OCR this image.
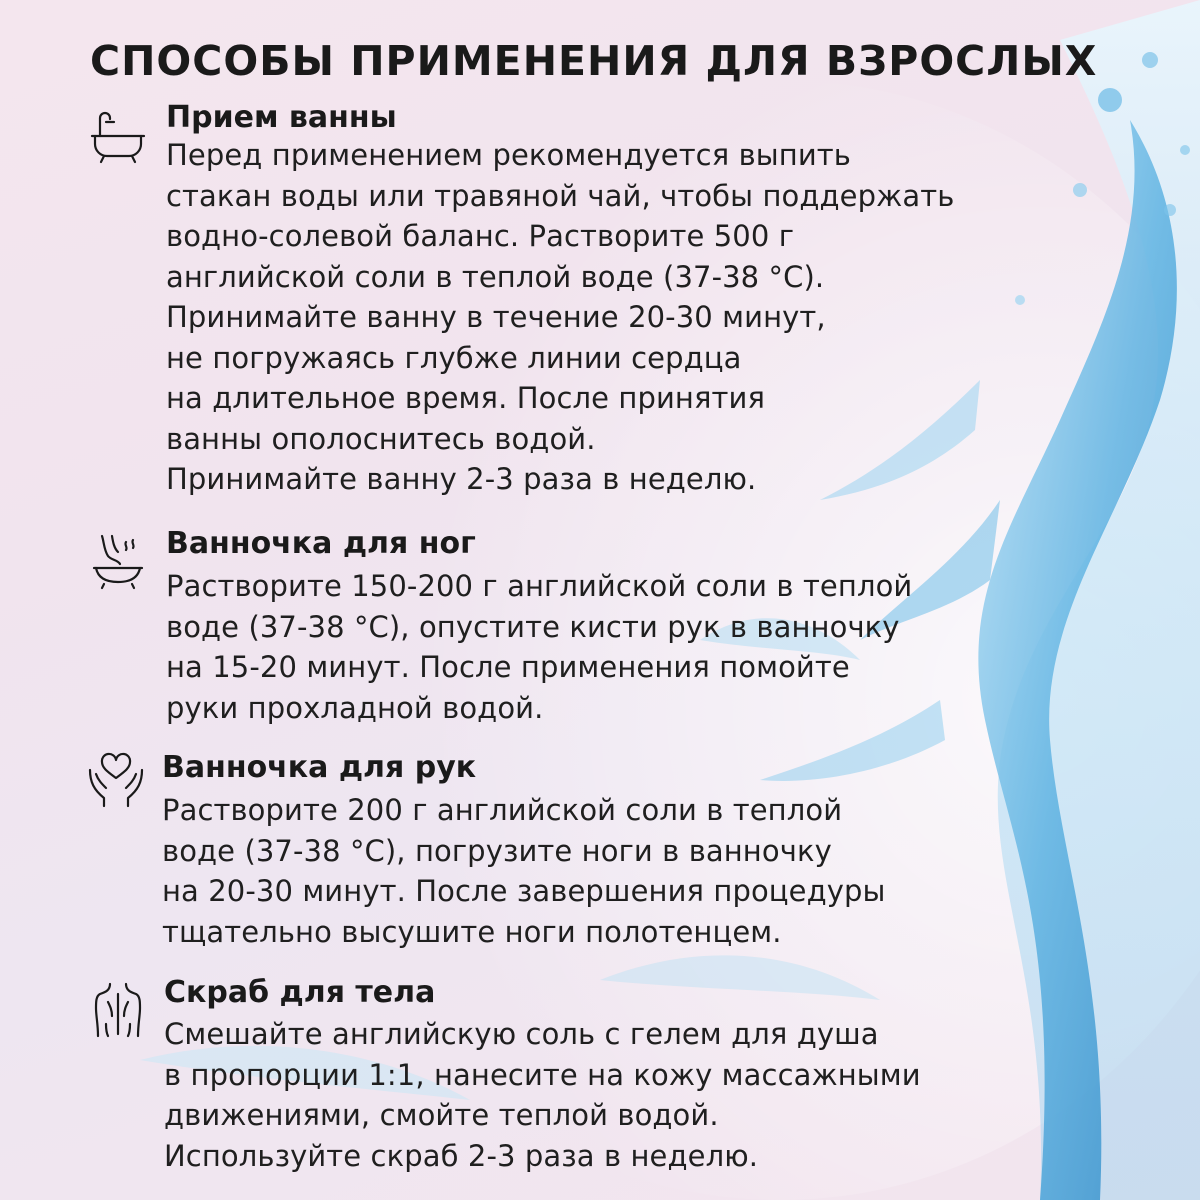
СПОСОБЫ ПРИМЕНЕНИЯ ДЛЯ ВЗРОСЛЫХ
Прием ванны
Перед применением рекомендуется выпить
стакан воды или травяной чай, чтобы поддержать
водно-солевой баланс. Растворите 500 г
английской соли в теплой воде (37-38 °С).
Принимайте ванну в течение 20-30 минут,
не погружаясь глубже линии сердца
на длительное время. После принятия
ванны ополоснитесь водой.
Принимайте ванну 2-3 раза в неделю.
Ванночка для ног
Растворите 150-200 г английской соли в теплой
воде (37-38 °С), опустите кисти рук в ванночку
на 15-20 минут. После применения помойте
руки прохладной водой.
Ванночка для рук
Растворите 200 г английской соли в теплой
воде (37-38 °С), погрузите ноги в ванночку
на 20-30 минут. После завершения процедуры
тщательно высушите ноги полотенцем.
Скраб для тела
Смешайте английскую соль с гелем для душа
в пропорции 1:1, нанесите на кожу массажными
движениями, смойте теплой водой.
Используйте скраб 2-3 раза в неделю.
